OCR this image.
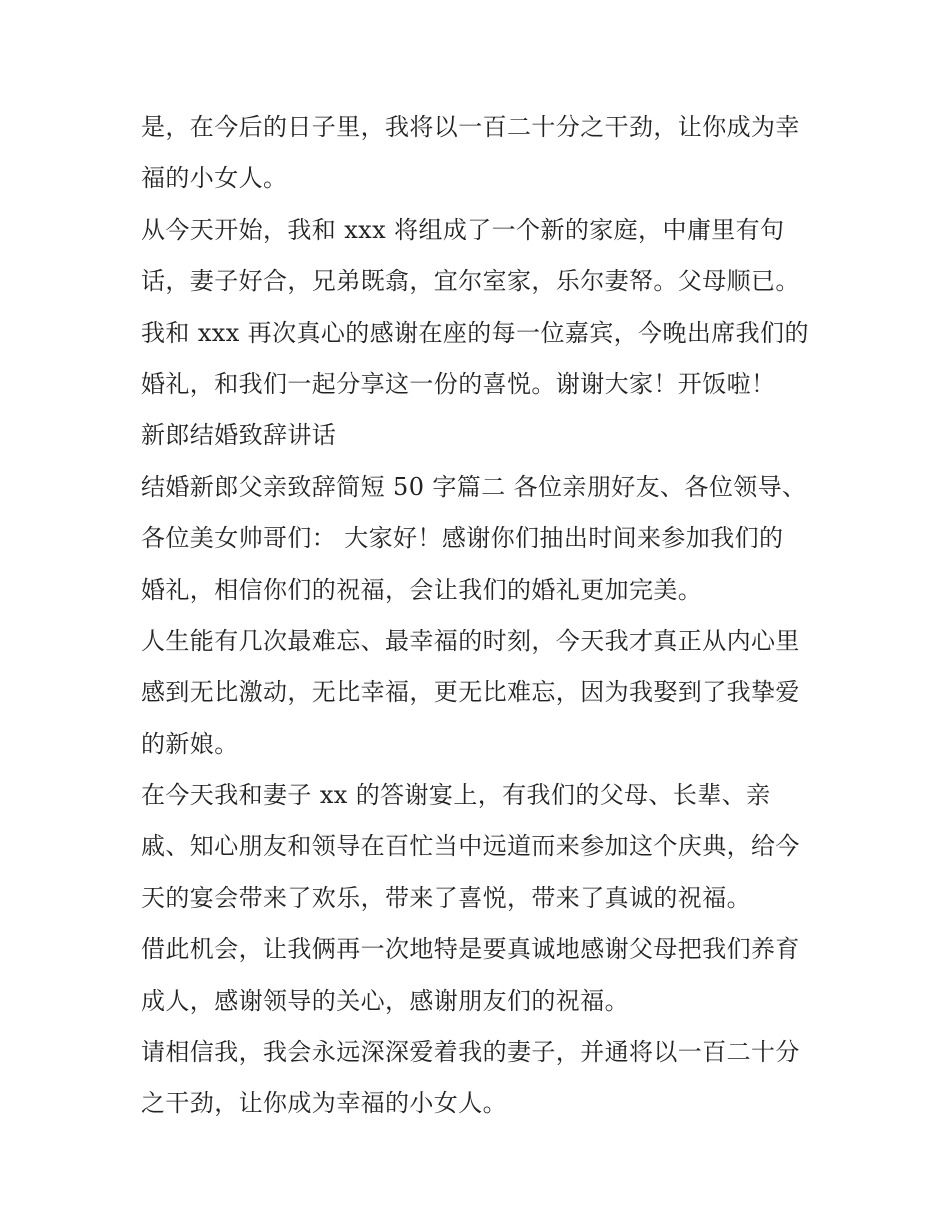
是，在今后的日子里，我将以一百二十分之干劲，让你成为幸
福的小女人。
从今天开始，我和 xxx 将组成了一个新的家庭，中庸里有句
话，妻子好合，兄弟既翕，宜尔室家，乐尔妻帑。父母顺已。
我和 xxx 再次真心的感谢在座的每一位嘉宾，今晚出席我们的
婚礼，和我们一起分享这一份的喜悦。谢谢大家！开饭啦！
新郎结婚致辞讲话
结婚新郎父亲致辞简短 50 字篇二 各位亲朋好友、各位领导、
各位美女帅哥们： 大家好！感谢你们抽出时间来参加我们的
婚礼，相信你们的祝福，会让我们的婚礼更加完美。
人生能有几次最难忘、最幸福的时刻，今天我才真正从内心里
感到无比激动，无比幸福，更无比难忘，因为我娶到了我挚爱
的新娘。
在今天我和妻子 xx 的答谢宴上，有我们的父母、长辈、亲
戚、知心朋友和领导在百忙当中远道而来参加这个庆典，给今
天的宴会带来了欢乐，带来了喜悦，带来了真诚的祝福。
借此机会，让我俩再一次地特是要真诚地感谢父母把我们养育
成人，感谢领导的关心，感谢朋友们的祝福。
请相信我，我会永远深深爱着我的妻子，并通将以一百二十分
之干劲，让你成为幸福的小女人。
